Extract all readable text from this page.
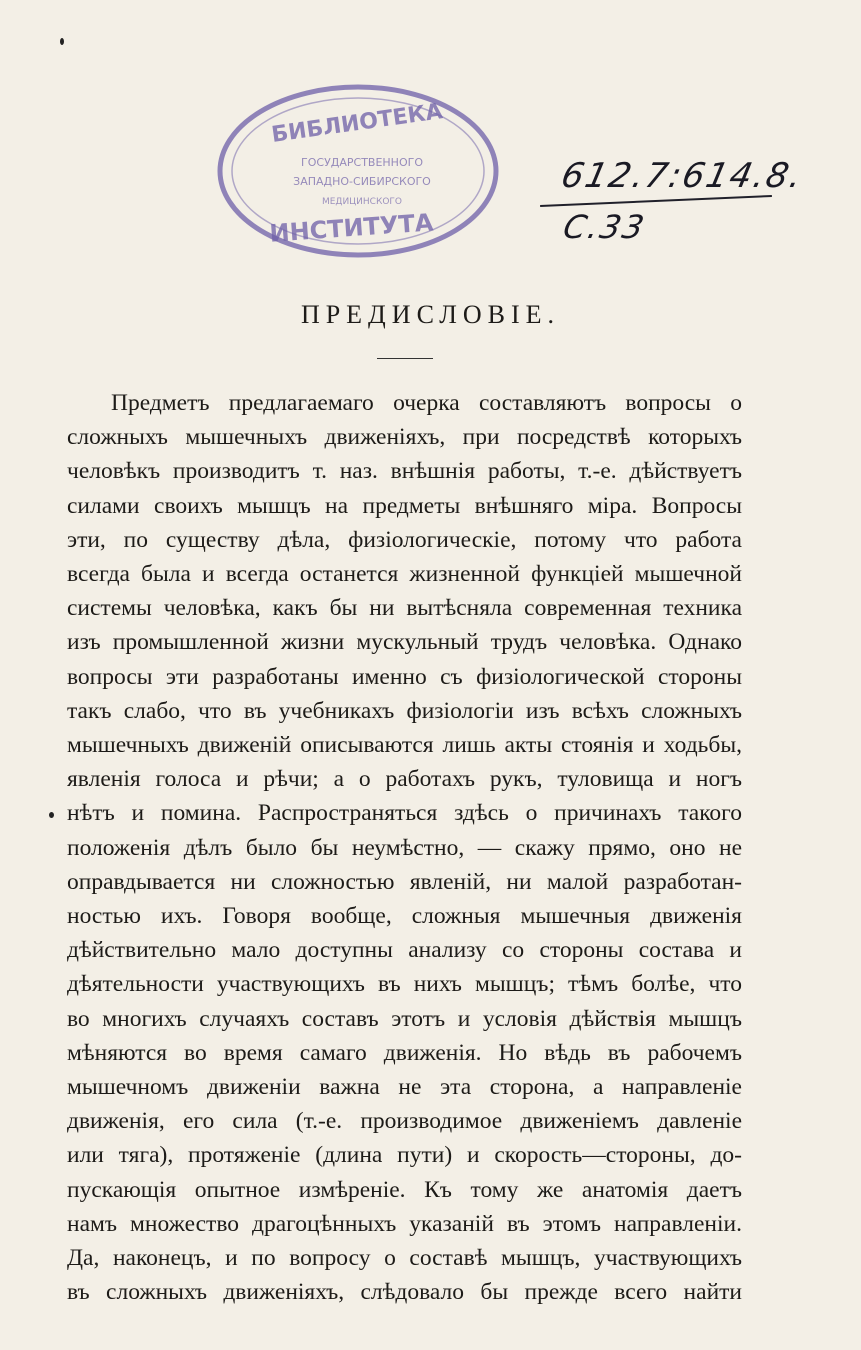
БИБЛИОТЕКА
ГОСУДАРСТВЕННОГО
ЗАПАДНО-СИБИРСКОГО
МЕДИЦИНСКОГО
ИНСТИТУТА
612.7:614.8.
С.33
ПРЕДИСЛОВІЕ.
Предметъ предлагаемаго очерка составляютъ вопросы о
сложныхъ мышечныхъ движеніяхъ, при посредствѣ которыхъ
человѣкъ производитъ т. наз. внѣшнія работы, т.-е. дѣйствуетъ
силами своихъ мышцъ на предметы внѣшняго міра. Вопросы
эти, по существу дѣла, физіологическіе, потому что работа
всегда была и всегда останется жизненной функціей мышечной
системы человѣка, какъ бы ни вытѣсняла современная техника
изъ промышленной жизни мускульный трудъ человѣка. Однако
вопросы эти разработаны именно съ физіологической стороны
такъ слабо, что въ учебникахъ физіологіи изъ всѣхъ сложныхъ
мышечныхъ движеній описываются лишь акты стоянія и ходьбы,
явленія голоса и рѣчи; а о работахъ рукъ, туловища и ногъ
нѣтъ и помина. Распространяться здѣсь о причинахъ такого
положенія дѣлъ было бы неумѣстно, — скажу прямо, оно не
оправдывается ни сложностью явленій, ни малой разработан-
ностью ихъ. Говоря вообще, сложныя мышечныя движенія
дѣйствительно мало доступны анализу со стороны состава и
дѣятельности участвующихъ въ нихъ мышцъ; тѣмъ болѣе, что
во многихъ случаяхъ составъ этотъ и условія дѣйствія мышцъ
мѣняются во время самаго движенія. Но вѣдь въ рабочемъ
мышечномъ движеніи важна не эта сторона, а направленіе
движенія, его сила (т.-е. производимое движеніемъ давленіе
или тяга), протяженіе (длина пути) и скорость—стороны, до-
пускающія опытное измѣреніе. Къ тому же анатомія даетъ
намъ множество драгоцѣнныхъ указаній въ этомъ направленіи.
Да, наконецъ, и по вопросу о составѣ мышцъ, участвующихъ
въ сложныхъ движеніяхъ, слѣдовало бы прежде всего найти
